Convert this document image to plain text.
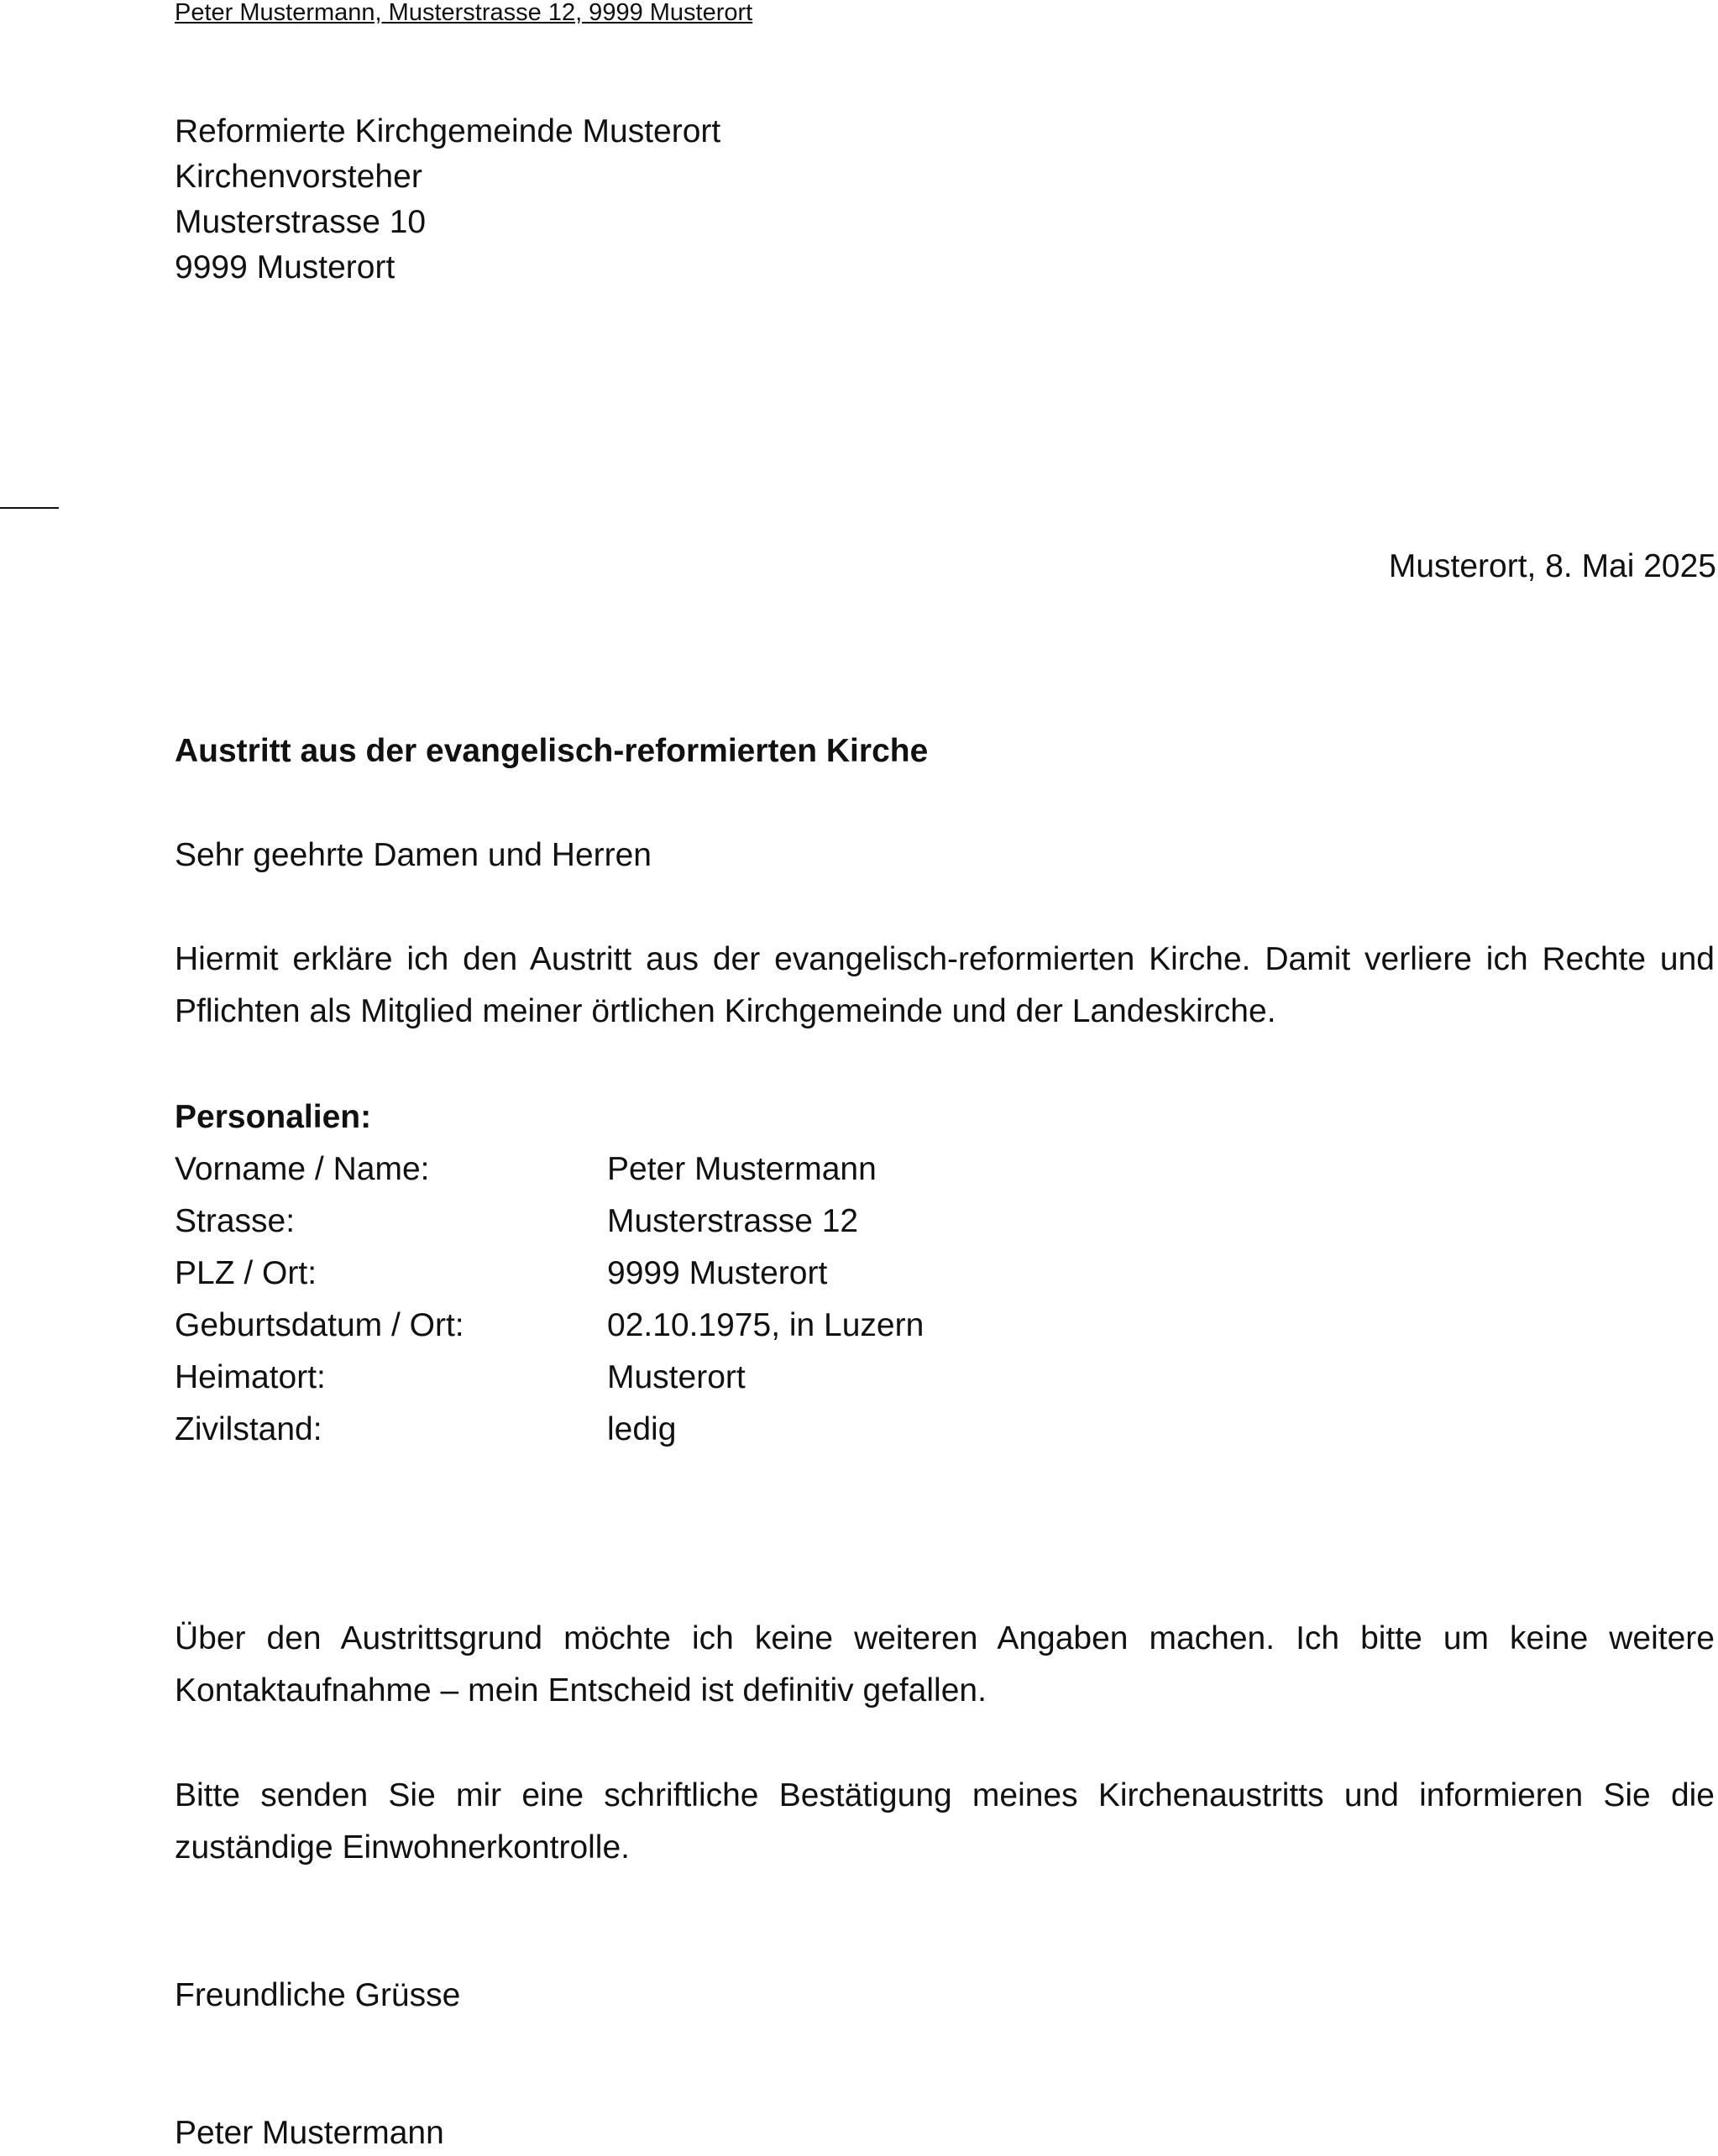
Peter Mustermann, Musterstrasse 12, 9999 Musterort
Reformierte Kirchgemeinde Musterort
Kirchenvorsteher
Musterstrasse 10
9999 Musterort
Musterort, 8. Mai 2025
Austritt aus der evangelisch-reformierten Kirche
Sehr geehrte Damen und Herren
Hiermit erkläre ich den Austritt aus der evangelisch-reformierten Kirche. Damit verliere ich Rechte und Pflichten als Mitglied meiner örtlichen Kirchgemeinde und der Landeskirche.
Personalien:
Vorname / Name:	Peter Mustermann
Strasse:	Musterstrasse 12
PLZ / Ort:	9999 Musterort
Geburtsdatum / Ort:	02.10.1975, in Luzern
Heimatort:	Musterort
Zivilstand:	ledig
Über den Austrittsgrund möchte ich keine weiteren Angaben machen. Ich bitte um keine weitere Kontaktaufnahme – mein Entscheid ist definitiv gefallen.
Bitte senden Sie mir eine schriftliche Bestätigung meines Kirchenaustritts und informieren Sie die zuständige Einwohnerkontrolle.
Freundliche Grüsse
Peter Mustermann
